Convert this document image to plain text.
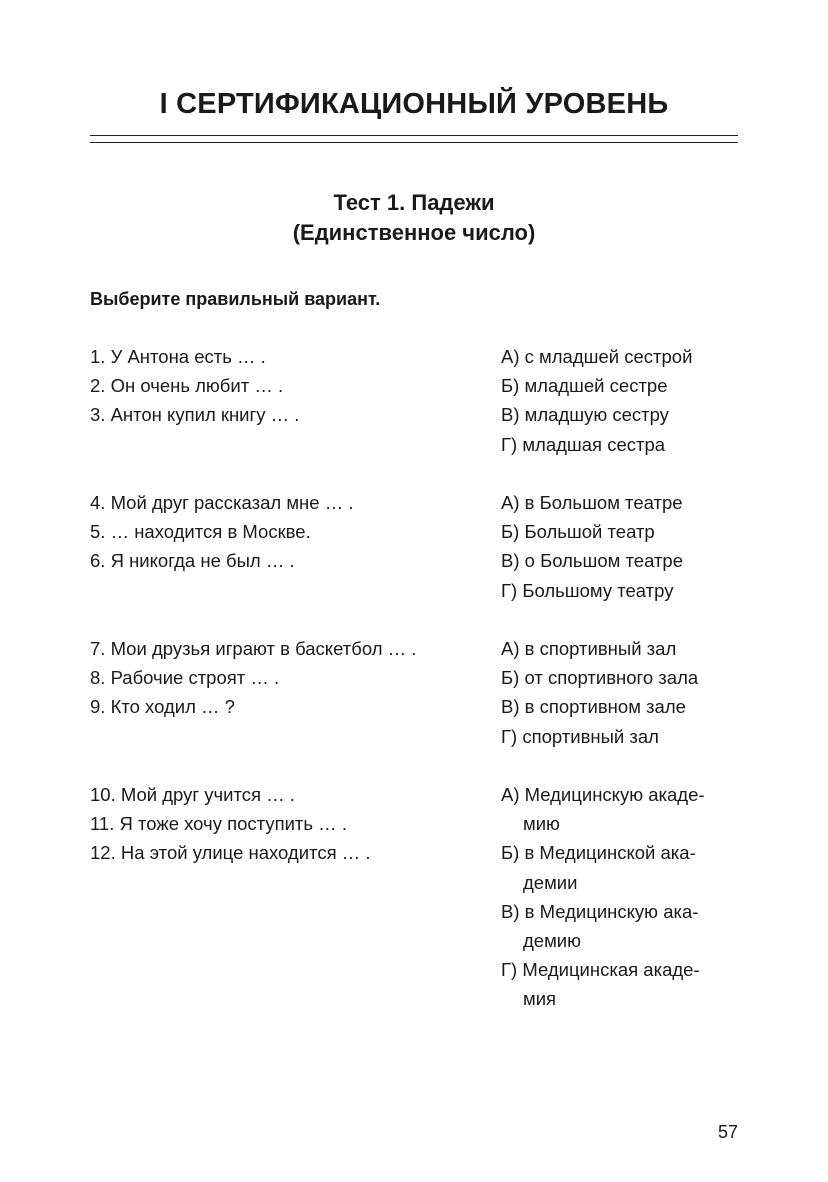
I СЕРТИФИКАЦИОННЫЙ УРОВЕНЬ
Тест 1. Падежи
(Единственное число)
Выберите правильный вариант.
1. У Антона есть … .
2. Он очень любит … .
3. Антон купил книгу … .
А) с младшей сестрой
Б) младшей сестре
В) младшую сестру
Г) младшая сестра
4. Мой друг рассказал мне … .
5. … находится в Москве.
6. Я никогда не был … .
А) в Большом театре
Б) Большой театр
В) о Большом театре
Г) Большому театру
7. Мои друзья играют в баскетбол … .
8. Рабочие строят … .
9. Кто ходил … ?
А) в спортивный зал
Б) от спортивного зала
В) в спортивном зале
Г) спортивный зал
10. Мой друг учится … .
11. Я тоже хочу поступить … .
12. На этой улице находится … .
А) Медицинскую акаде-
мию
Б) в Медицинской ака-
демии
В) в Медицинскую ака-
демию
Г) Медицинская акаде-
мия
57
